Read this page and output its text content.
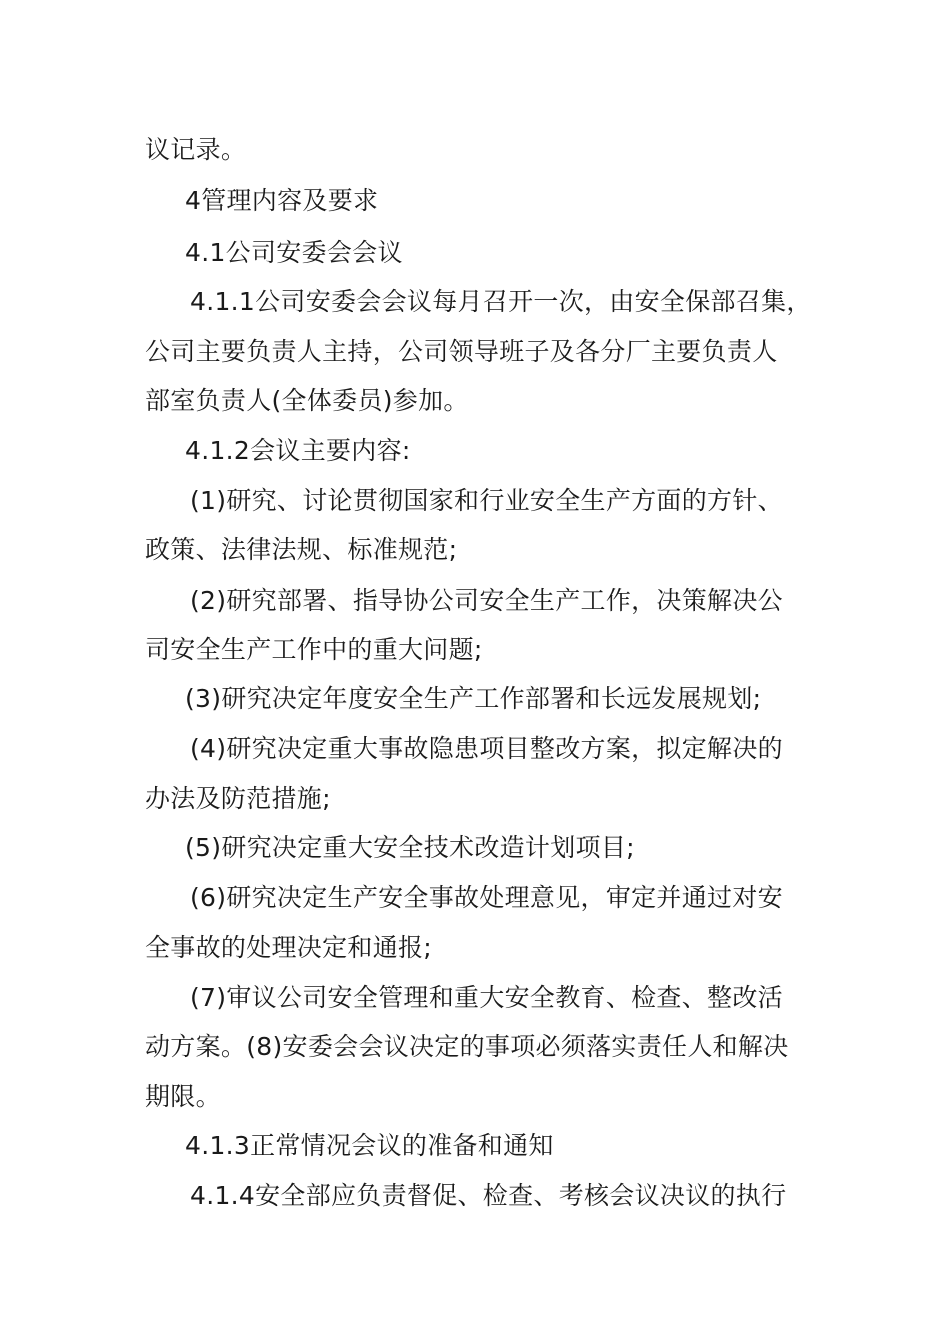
议记录。
4管理内容及要求
4.1公司安委会会议
4.1.1公司安委会会议每月召开一次，由安全保部召集，
公司主要负责人主持，公司领导班子及各分厂主要负责人
部室负责人(全体委员)参加。
4.1.2会议主要内容:
(1)研究、讨论贯彻国家和行业安全生产方面的方针、
政策、法律法规、标准规范;
(2)研究部署、指导协公司安全生产工作，决策解决公
司安全生产工作中的重大问题;
(3)研究决定年度安全生产工作部署和长远发展规划;
(4)研究决定重大事故隐患项目整改方案，拟定解决的
办法及防范措施;
(5)研究决定重大安全技术改造计划项目;
(6)研究决定生产安全事故处理意见，审定并通过对安
全事故的处理决定和通报;
(7)审议公司安全管理和重大安全教育、检查、整改活
动方案。(8)安委会会议决定的事项必须落实责任人和解决
期限。
4.1.3正常情况会议的准备和通知
4.1.4安全部应负责督促、检查、考核会议决议的执行
